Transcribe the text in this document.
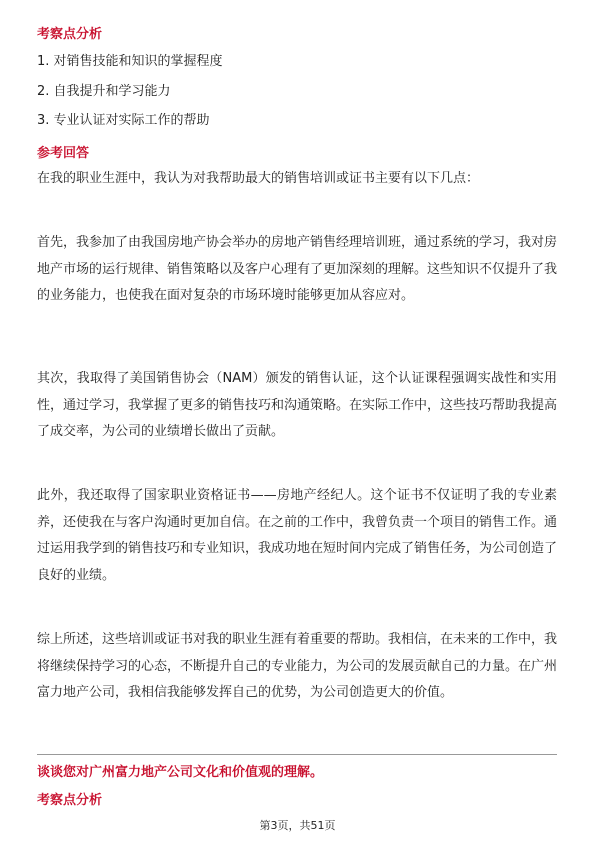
考察点分析
1. 对销售技能和知识的掌握程度
2. 自我提升和学习能力
3. 专业认证对实际工作的帮助
参考回答

在我的职业生涯中，我认为对我帮助最大的销售培训或证书主要有以下几点：

首先，我参加了由我国房地产协会举办的房地产销售经理培训班，通过系统的学习，我对房地产市场的运行规律、销售策略以及客户心理有了更加深刻的理解。这些知识不仅提升了我的业务能力，也使我在面对复杂的市场环境时能够更加从容应对。

其次，我取得了美国销售协会（NAM）颁发的销售认证，这个认证课程强调实战性和实用性，通过学习，我掌握了更多的销售技巧和沟通策略。在实际工作中，这些技巧帮助我提高了成交率，为公司的业绩增长做出了贡献。

此外，我还取得了国家职业资格证书——房地产经纪人。这个证书不仅证明了我的专业素养，还使我在与客户沟通时更加自信。在之前的工作中，我曾负责一个项目的销售工作。通过运用我学到的销售技巧和专业知识，我成功地在短时间内完成了销售任务，为公司创造了良好的业绩。

综上所述，这些培训或证书对我的职业生涯有着重要的帮助。我相信，在未来的工作中，我将继续保持学习的心态，不断提升自己的专业能力，为公司的发展贡献自己的力量。在广州富力地产公司，我相信我能够发挥自己的优势，为公司创造更大的价值。

谈谈您对广州富力地产公司文化和价值观的理解。
考察点分析
第3页，共51页
